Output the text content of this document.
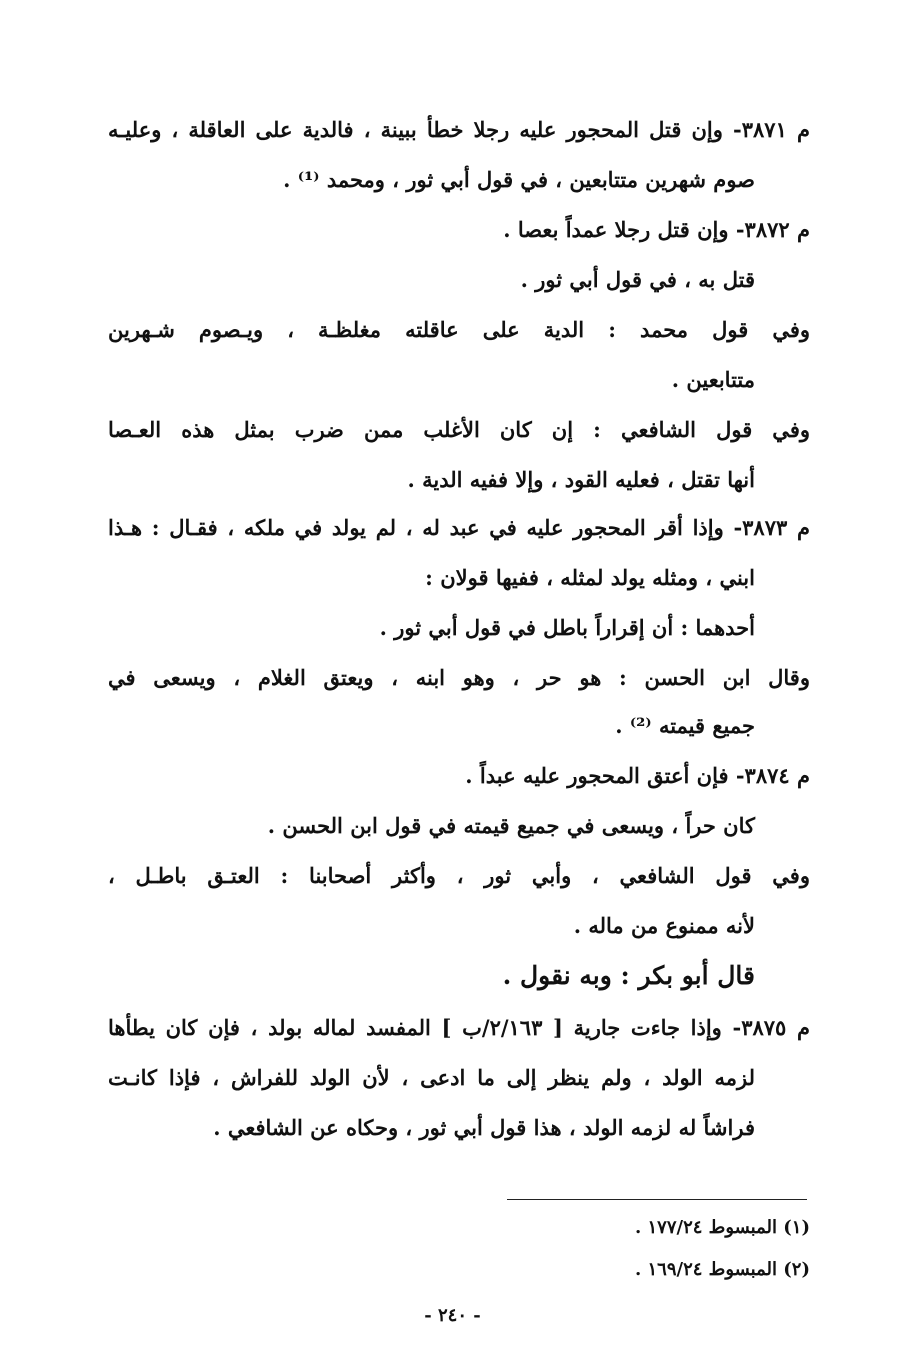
م ٣٨٧١- وإن قتل المحجور عليه رجلا خطأ ببينة ، فالدية على العاقلة ، وعليـه
صوم شهرين متتابعين ، في قول أبي ثور ، ومحمد ⁽¹⁾ .
م ٣٨٧٢- وإن قتل رجلا عمداً بعصا .
قتل به ، في قول أبي ثور .
وفي قول محمد : الدية على عاقلته مغلظـة ، ويـصوم شـهرين
متتابعين .
وفي قول الشافعي : إن كان الأغلب ممن ضرب بمثل هذه العـصا
أنها تقتل ، فعليه القود ، وإلا ففيه الدية .
م ٣٨٧٣- وإذا أقر المحجور عليه في عبد له ، لم يولد في ملكه ، فقـال : هـذا
ابني ، ومثله يولد لمثله ، ففيها قولان :
أحدهما : أن إقراراً باطل في قول أبي ثور .
وقال ابن الحسن : هو حر ، وهو ابنه ، ويعتق الغلام ، ويسعى في
جميع قيمته ⁽²⁾ .
م ٣٨٧٤- فإن أعتق المحجور عليه عبداً .
كان حراً ، ويسعى في جميع قيمته في قول ابن الحسن .
وفي قول الشافعي ، وأبي ثور ، وأكثر أصحابنا : العتـق باطـل ،
لأنه ممنوع من ماله .
قال أبو بكر : وبه نقول .
م ٣٨٧٥- وإذا جاءت جارية [ ٢/١٦٣/ب ] المفسد لماله بولد ، فإن كان يطأها
لزمه الولد ، ولم ينظر إلى ما ادعى ، لأن الولد للفراش ، فإذا كانـت
فراشاً له لزمه الولد ، هذا قول أبي ثور ، وحكاه عن الشافعي .
(١) المبسوط ١٧٧/٢٤ .
(٢) المبسوط ١٦٩/٢٤ .
- ٢٤٠ -
